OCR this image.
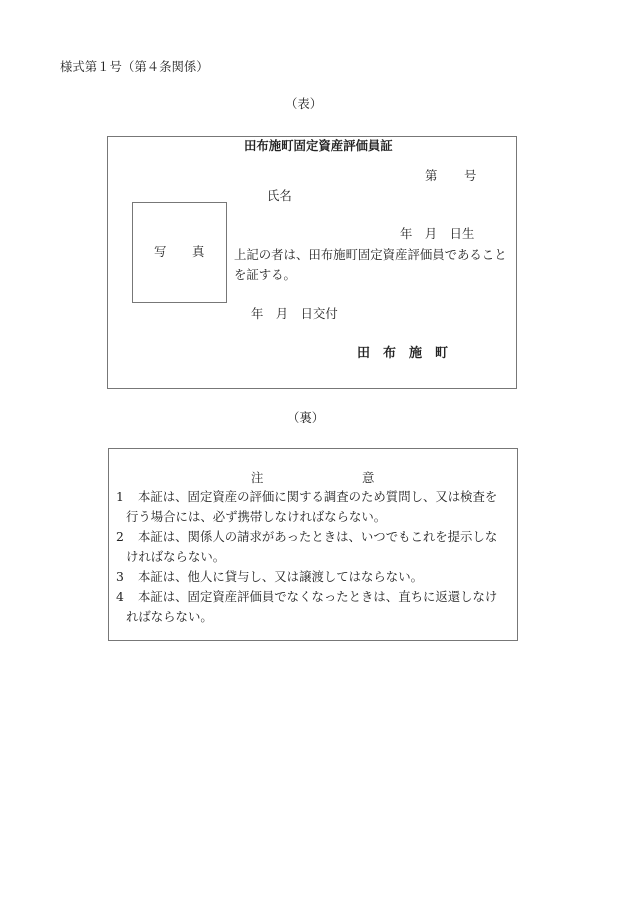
様式第１号（第４条関係）
（表）
田布施町固定資産評価員証
第 号
氏名
写 真
年　月　日生
上記の者は、田布施町固定資産評価員であること
を証する。
年　月　日交付
田　布　施　町
（裏）
注	意
1 本証は、固定資産の評価に関する調査のため質問し、又は検査を
行う場合には、必ず携帯しなければならない。
2 本証は、関係人の請求があったときは、いつでもこれを提示しな
ければならない。
3 本証は、他人に貸与し、又は譲渡してはならない。
4 本証は、固定資産評価員でなくなったときは、直ちに返還しなけ
ればならない。
